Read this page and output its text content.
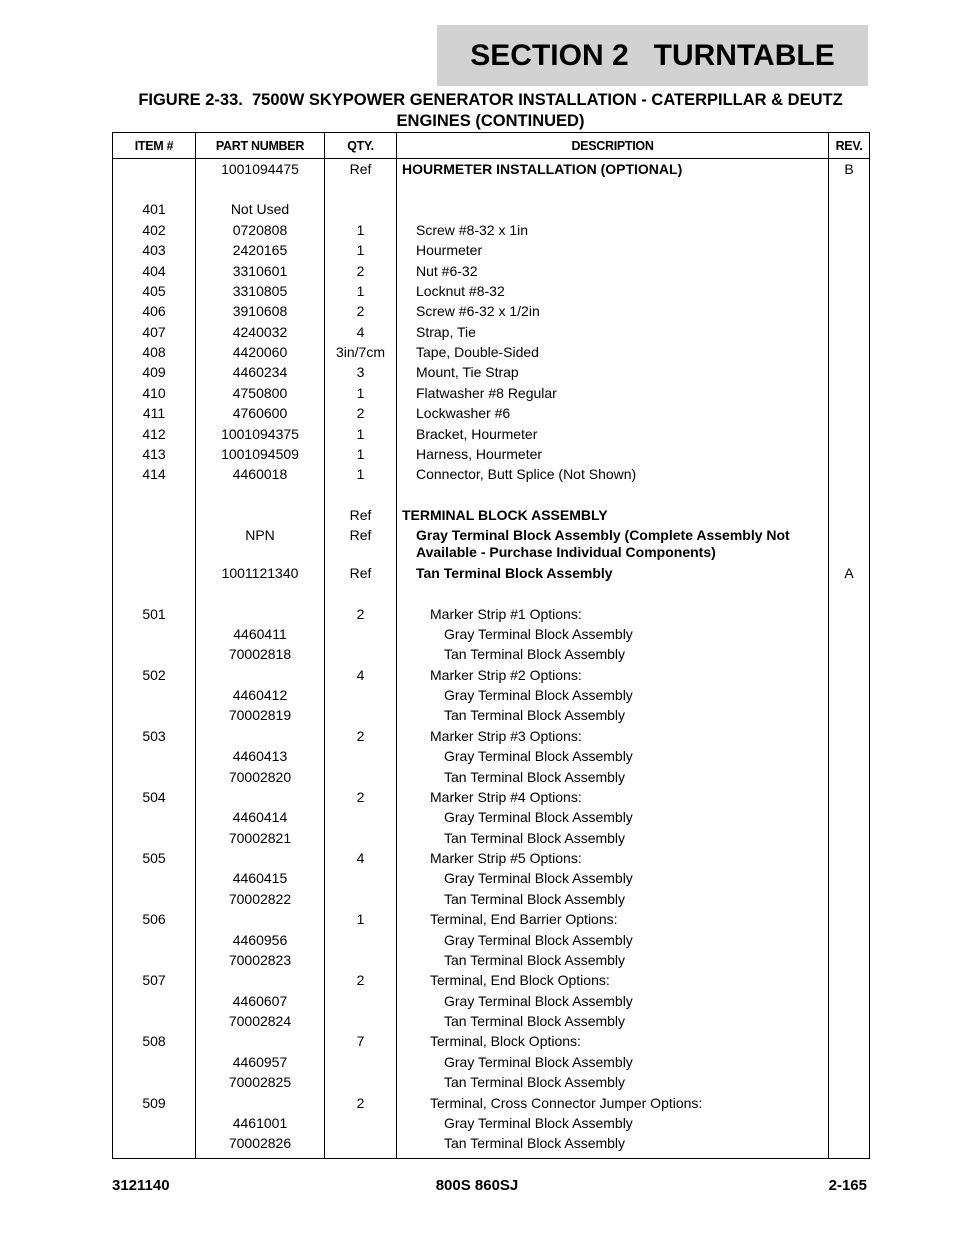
SECTION 2   TURNTABLE
FIGURE 2-33.  7500W SKYPOWER GENERATOR INSTALLATION - CATERPILLAR & DEUTZ
ENGINES (CONTINUED)
ITEM #	PART NUMBER	QTY.	DESCRIPTION	REV.
	1001094475	Ref	HOURMETER INSTALLATION (OPTIONAL)	B

401	Not Used			
402	0720808	1	Screw #8-32 x 1in	
403	2420165	1	Hourmeter	
404	3310601	2	Nut #6-32	
405	3310805	1	Locknut #8-32	
406	3910608	2	Screw #6-32 x 1/2in	
407	4240032	4	Strap, Tie	
408	4420060	3in/7cm	Tape, Double-Sided	
409	4460234	3	Mount, Tie Strap	
410	4750800	1	Flatwasher #8 Regular	
411	4760600	2	Lockwasher #6	
412	1001094375	1	Bracket, Hourmeter	
413	1001094509	1	Harness, Hourmeter	
414	4460018	1	Connector, Butt Splice (Not Shown)	

		Ref	TERMINAL BLOCK ASSEMBLY	
	NPN	Ref	Gray Terminal Block Assembly (Complete Assembly Not Available - Purchase Individual Components)	
	1001121340	Ref	Tan Terminal Block Assembly	A

501		2	Marker Strip #1 Options:	
	4460411		Gray Terminal Block Assembly	
	70002818		Tan Terminal Block Assembly	
502		4	Marker Strip #2 Options:	
	4460412		Gray Terminal Block Assembly	
	70002819		Tan Terminal Block Assembly	
503		2	Marker Strip #3 Options:	
	4460413		Gray Terminal Block Assembly	
	70002820		Tan Terminal Block Assembly	
504		2	Marker Strip #4 Options:	
	4460414		Gray Terminal Block Assembly	
	70002821		Tan Terminal Block Assembly	
505		4	Marker Strip #5 Options:	
	4460415		Gray Terminal Block Assembly	
	70002822		Tan Terminal Block Assembly	
506		1	Terminal, End Barrier Options:	
	4460956		Gray Terminal Block Assembly	
	70002823		Tan Terminal Block Assembly	
507		2	Terminal, End Block Options:	
	4460607		Gray Terminal Block Assembly	
	70002824		Tan Terminal Block Assembly	
508		7	Terminal, Block Options:	
	4460957		Gray Terminal Block Assembly	
	70002825		Tan Terminal Block Assembly	
509		2	Terminal, Cross Connector Jumper Options:	
	4461001		Gray Terminal Block Assembly	
	70002826		Tan Terminal Block Assembly	
3121140	800S 860SJ	2-165
